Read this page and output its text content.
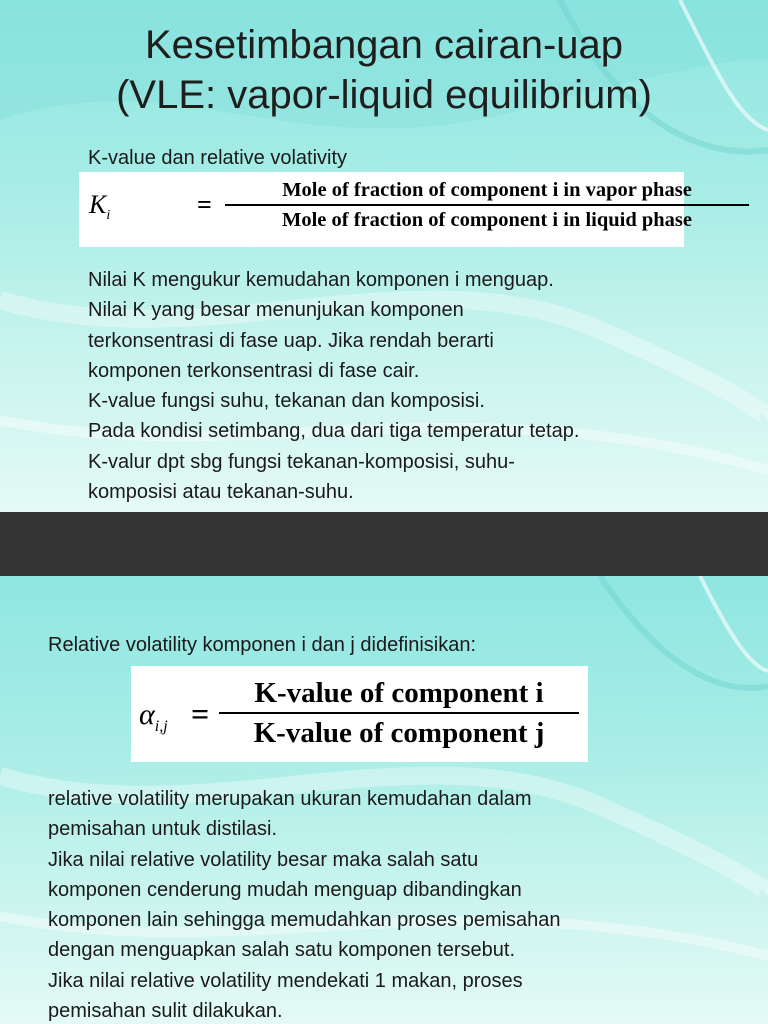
Kesetimbangan cairan-uap
(VLE: vapor-liquid equilibrium)
K-value dan relative volativity
$K_i$	=	Mole of fraction of component i in vapor phase
Mole of fraction of component i in liquid phase
Nilai K mengukur kemudahan komponen i menguap.
Nilai K yang besar menunjukan komponen
terkonsentrasi di fase uap. Jika rendah berarti
komponen terkonsentrasi di fase cair.
K-value fungsi suhu, tekanan dan komposisi.
Pada kondisi setimbang, dua dari tiga temperatur tetap.
K-valur dpt sbg fungsi tekanan-komposisi, suhu-
komposisi atau tekanan-suhu.
Relative volatility komponen i dan j didefinisikan:
$\alpha_{i,j}$ =
K-value of component i
K-value of component j
relative volatility merupakan ukuran kemudahan dalam
pemisahan untuk distilasi.
Jika nilai relative volatility besar maka salah satu
komponen cenderung mudah menguap dibandingkan
komponen lain sehingga memudahkan proses pemisahan
dengan menguapkan salah satu komponen tersebut.
Jika nilai relative volatility mendekati 1 makan, proses
pemisahan sulit dilakukan.
